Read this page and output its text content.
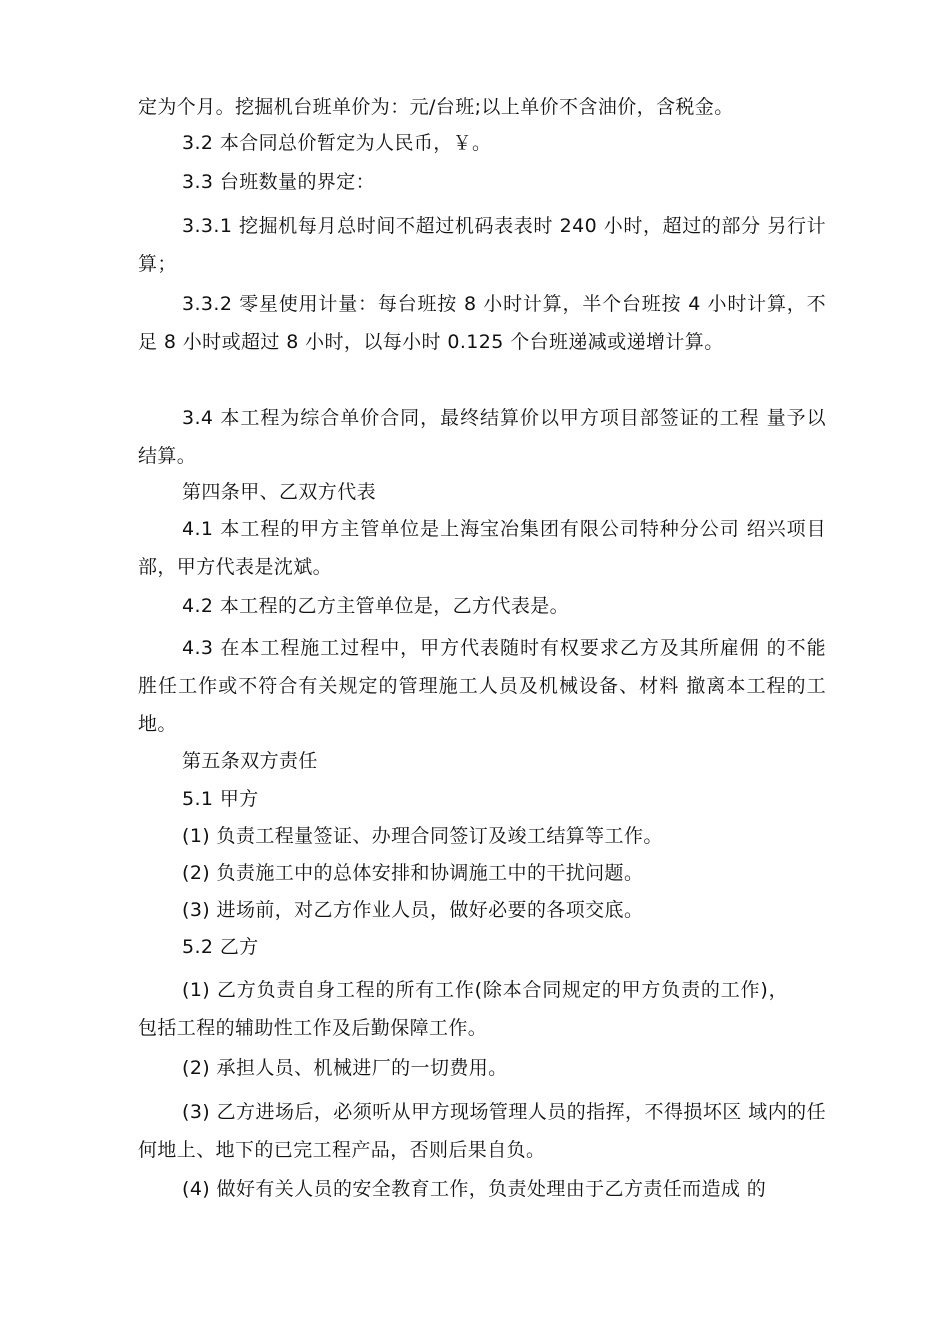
定为个月。挖掘机台班单价为：元/台班;以上单价不含油价，含税金。

3.2 本合同总价暂定为人民币，￥。

3.3 台班数量的界定：

3.3.1 挖掘机每月总时间不超过机码表表时 240 小时，超过的部分 另行计算；

3.3.2 零星使用计量：每台班按 8 小时计算，半个台班按 4 小时计算，不足 8 小时或超过 8 小时，以每小时 0.125 个台班递减或递增计算。

3.4 本工程为综合单价合同，最终结算价以甲方项目部签证的工程 量予以结算。

第四条甲、乙双方代表

4.1 本工程的甲方主管单位是上海宝冶集团有限公司特种分公司 绍兴项目部，甲方代表是沈斌。

4.2 本工程的乙方主管单位是，乙方代表是。

4.3 在本工程施工过程中，甲方代表随时有权要求乙方及其所雇佣 的不能胜任工作或不符合有关规定的管理施工人员及机械设备、材料 撤离本工程的工地。

第五条双方责任

5.1 甲方

(1) 负责工程量签证、办理合同签订及竣工结算等工作。

(2) 负责施工中的总体安排和协调施工中的干扰问题。

(3) 进场前，对乙方作业人员，做好必要的各项交底。

5.2 乙方

(1) 乙方负责自身工程的所有工作(除本合同规定的甲方负责的工作)，包括工程的辅助性工作及后勤保障工作。

(2) 承担人员、机械进厂的一切费用。

(3) 乙方进场后，必须听从甲方现场管理人员的指挥，不得损坏区 域内的任何地上、地下的已完工程产品，否则后果自负。

(4) 做好有关人员的安全教育工作，负责处理由于乙方责任而造成 的
